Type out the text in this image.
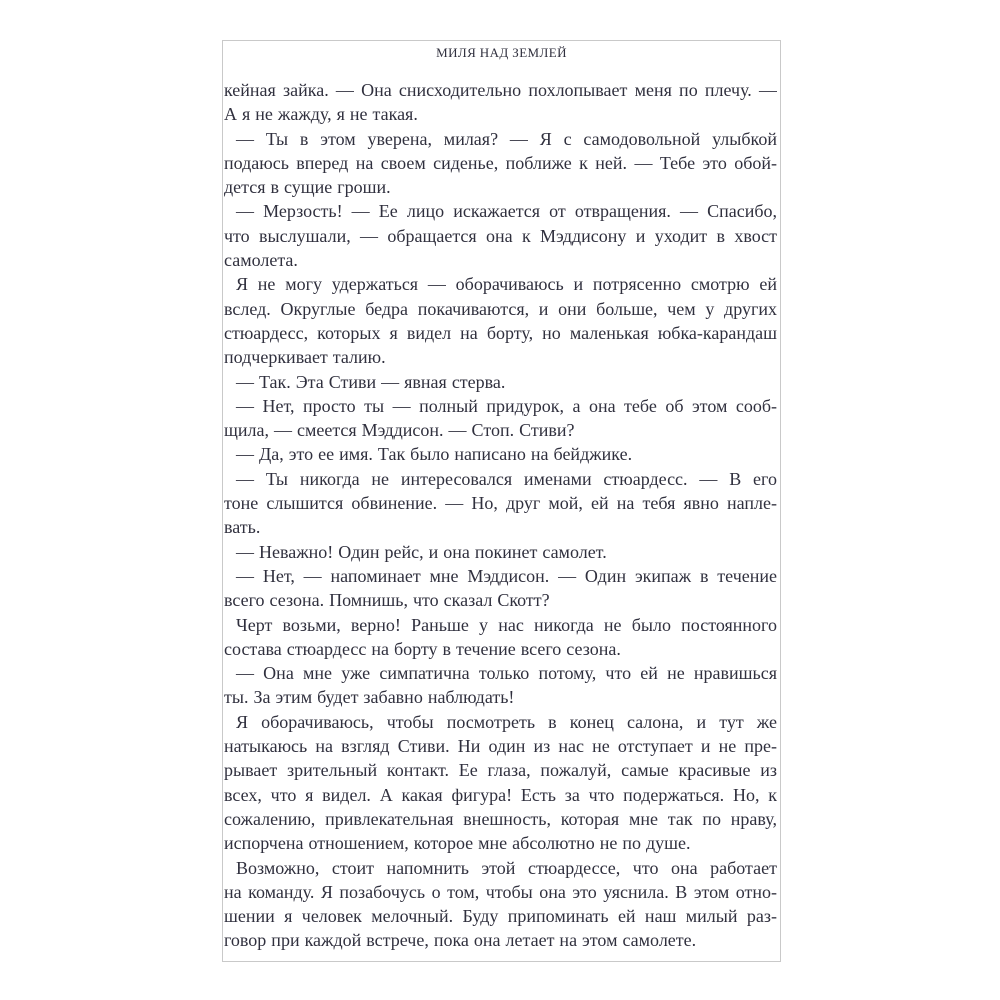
МИЛЯ НАД ЗЕМЛЕЙ
кейная зайка. — Она снисходительно похлопывает меня по плечу. —
А я не жажду, я не такая.
— Ты в этом уверена, милая? — Я с самодовольной улыбкой
подаюсь вперед на своем сиденье, поближе к ней. — Тебе это обой-
дется в сущие гроши.
— Мерзость! — Ее лицо искажается от отвращения. — Спасибо,
что выслушали, — обращается она к Мэддисону и уходит в хвост
самолета.
Я не могу удержаться — оборачиваюсь и потрясенно смотрю ей
вслед. Округлые бедра покачиваются, и они больше, чем у других
стюардесс, которых я видел на борту, но маленькая юбка-карандаш
подчеркивает талию.
— Так. Эта Стиви — явная стерва.
— Нет, просто ты — полный придурок, а она тебе об этом сооб-
щила, — смеется Мэддисон. — Стоп. Стиви?
— Да, это ее имя. Так было написано на бейджике.
— Ты никогда не интересовался именами стюардесс. — В его
тоне слышится обвинение. — Но, друг мой, ей на тебя явно напле-
вать.
— Неважно! Один рейс, и она покинет самолет.
— Нет, — напоминает мне Мэддисон. — Один экипаж в течение
всего сезона. Помнишь, что сказал Скотт?
Черт возьми, верно! Раньше у нас никогда не было постоянного
состава стюардесс на борту в течение всего сезона.
— Она мне уже симпатична только потому, что ей не нравишься
ты. За этим будет забавно наблюдать!
Я оборачиваюсь, чтобы посмотреть в конец салона, и тут же
натыкаюсь на взгляд Стиви. Ни один из нас не отступает и не пре-
рывает зрительный контакт. Ее глаза, пожалуй, самые красивые из
всех, что я видел. А какая фигура! Есть за что подержаться. Но, к
сожалению, привлекательная внешность, которая мне так по нраву,
испорчена отношением, которое мне абсолютно не по душе.
Возможно, стоит напомнить этой стюардессе, что она работает
на команду. Я позабочусь о том, чтобы она это уяснила. В этом отно-
шении я человек мелочный. Буду припоминать ей наш милый раз-
говор при каждой встрече, пока она летает на этом самолете.
